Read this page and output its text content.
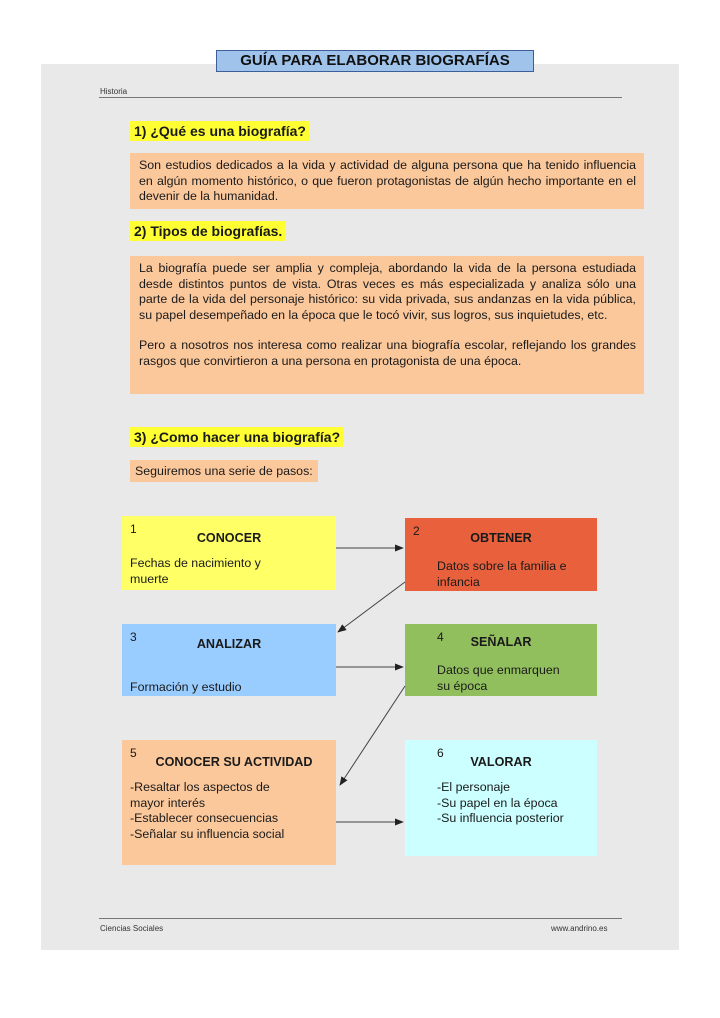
GUÍA PARA ELABORAR BIOGRAFÍAS
Historia
1) ¿Qué es una biografía?

Son estudios dedicados a la vida y actividad de alguna persona que ha tenido influencia en algún momento histórico, o que fueron protagonistas de algún hecho importante en el devenir de la humanidad.

2) Tipos de biografías.

La biografía puede ser amplia y compleja, abordando la vida de la persona estudiada desde distintos puntos de vista. Otras veces es más especializada y analiza sólo una parte de la vida del personaje histórico: su vida privada, sus andanzas en la vida pública, su papel desempeñado en la época que le tocó vivir, sus logros, sus inquietudes, etc.

Pero a nosotros nos interesa como realizar una biografía escolar, reflejando los grandes rasgos que convirtieron a una persona en protagonista de una época.

3) ¿Como hacer una biografía?
Seguiremos una serie de pasos:
1
CONOCER
Fechas de nacimiento y
muerte
2	OBTENER
Datos sobre la familia e
infancia
3	ANALIZAR
Formación y estudio
4	SEÑALAR
Datos que enmarquen
su época
5
CONOCER SU ACTIVIDAD
-Resaltar los aspectos de
mayor interés
-Establecer consecuencias
-Señalar su influencia social
6
VALORAR
-El personaje
-Su papel en la época
-Su influencia posterior
Ciencias Sociales	www.andrino.es
